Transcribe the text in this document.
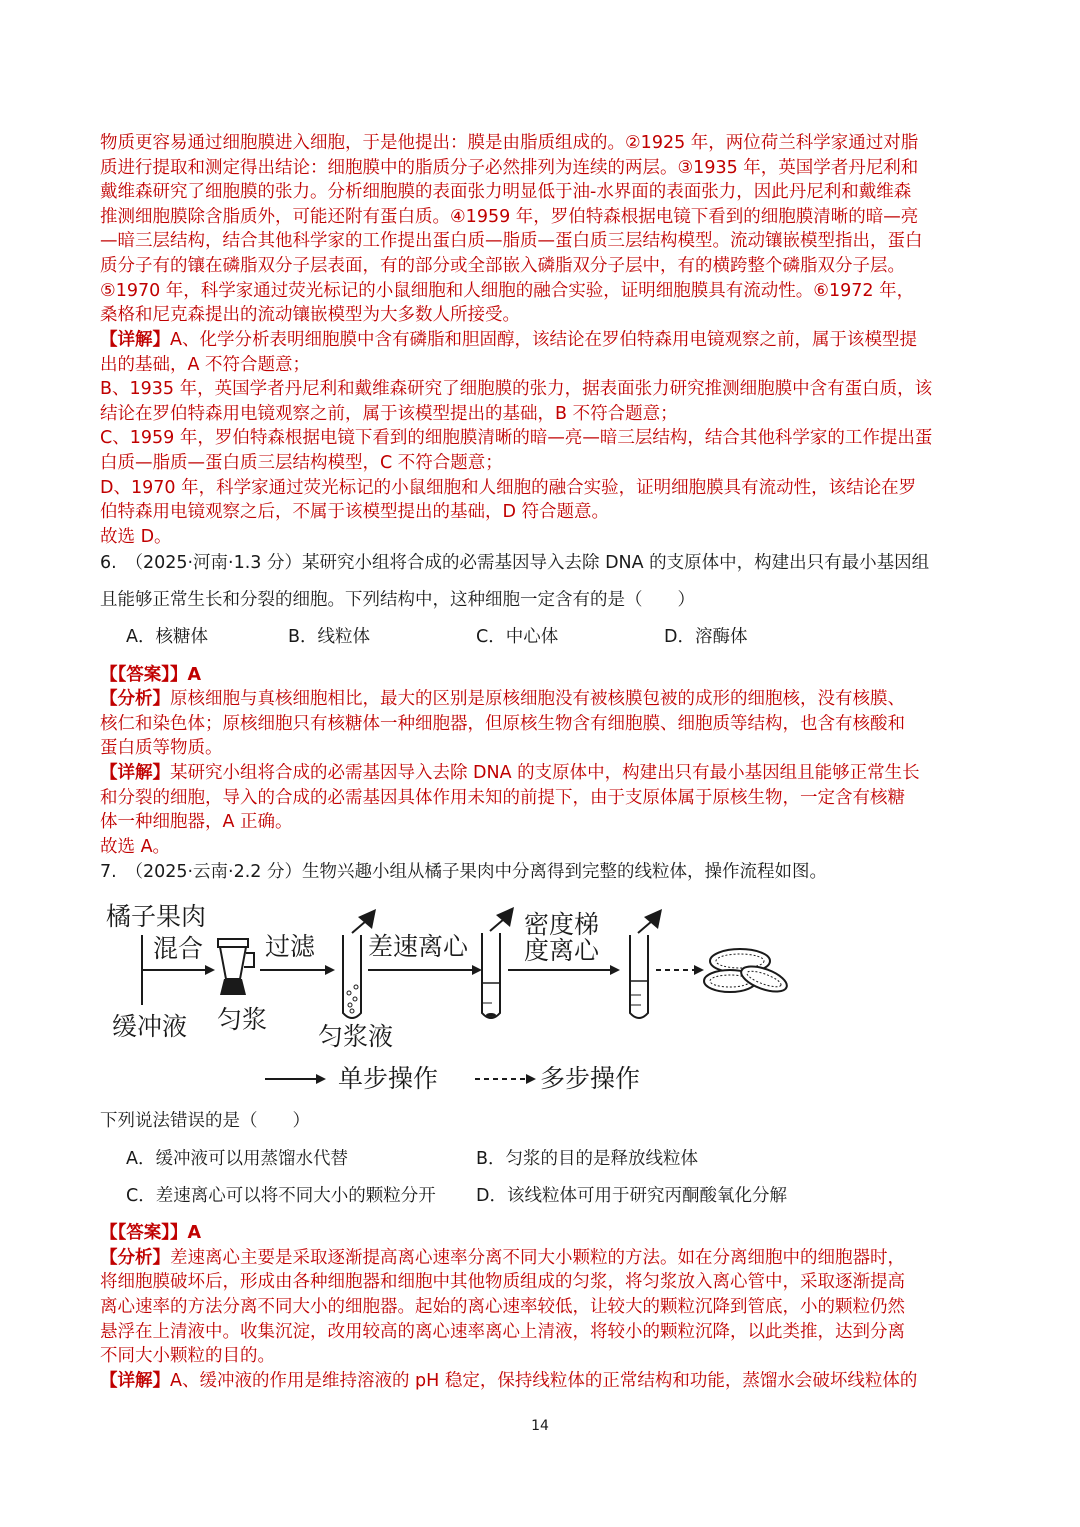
物质更容易通过细胞膜进入细胞，于是他提出：膜是由脂质组成的。②1925 年，两位荷兰科学家通过对脂
质进行提取和测定得出结论：细胞膜中的脂质分子必然排列为连续的两层。③1935 年，英国学者丹尼利和
戴维森研究了细胞膜的张力。分析细胞膜的表面张力明显低于油-水界面的表面张力，因此丹尼利和戴维森
推测细胞膜除含脂质外，可能还附有蛋白质。④1959 年，罗伯特森根据电镜下看到的细胞膜清晰的暗—亮
—暗三层结构，结合其他科学家的工作提出蛋白质—脂质—蛋白质三层结构模型。流动镶嵌模型指出，蛋白
质分子有的镶在磷脂双分子层表面，有的部分或全部嵌入磷脂双分子层中，有的横跨整个磷脂双分子层。
⑤1970 年，科学家通过荧光标记的小鼠细胞和人细胞的融合实验，证明细胞膜具有流动性。⑥1972 年，
桑格和尼克森提出的流动镶嵌模型为大多数人所接受。
【详解】A、化学分析表明细胞膜中含有磷脂和胆固醇，该结论在罗伯特森用电镜观察之前，属于该模型提
出的基础，A 不符合题意；
B、1935 年，英国学者丹尼利和戴维森研究了细胞膜的张力，据表面张力研究推测细胞膜中含有蛋白质，该
结论在罗伯特森用电镜观察之前，属于该模型提出的基础，B 不符合题意；
C、1959 年，罗伯特森根据电镜下看到的细胞膜清晰的暗—亮—暗三层结构，结合其他科学家的工作提出蛋
白质—脂质—蛋白质三层结构模型，C 不符合题意；
D、1970 年，科学家通过荧光标记的小鼠细胞和人细胞的融合实验，证明细胞膜具有流动性，该结论在罗
伯特森用电镜观察之后，不属于该模型提出的基础，D 符合题意。
故选 D。
6.　（2025·河南·1.3 分）某研究小组将合成的必需基因导入去除 DNA 的支原体中，构建出只有最小基因组
且能够正常生长和分裂的细胞。下列结构中，这种细胞一定含有的是（　　）
A．核糖体	B．线粒体	C．中心体	D．溶酶体
【【答案】】A
【分析】原核细胞与真核细胞相比，最大的区别是原核细胞没有被核膜包被的成形的细胞核，没有核膜、
核仁和染色体；原核细胞只有核糖体一种细胞器，但原核生物含有细胞膜、细胞质等结构，也含有核酸和
蛋白质等物质。
【详解】某研究小组将合成的必需基因导入去除 DNA 的支原体中，构建出只有最小基因组且能够正常生长
和分裂的细胞，导入的合成的必需基因具体作用未知的前提下，由于支原体属于原核生物，一定含有核糖
体一种细胞器，A 正确。
故选 A。
7.　（2025·云南·2.2 分）生物兴趣小组从橘子果肉中分离得到完整的线粒体，操作流程如图。
橘子果肉
混合
缓冲液 匀浆
过滤 差速离心
密度梯
度离心
匀浆液
单步操作	多步操作
下列说法错误的是（　　）
A．缓冲液可以用蒸馏水代替	B．匀浆的目的是释放线粒体
C．差速离心可以将不同大小的颗粒分开 D．该线粒体可用于研究丙酮酸氧化分解
【【答案】】A
【分析】差速离心主要是采取逐渐提高离心速率分离不同大小颗粒的方法。如在分离细胞中的细胞器时，
将细胞膜破坏后，形成由各种细胞器和细胞中其他物质组成的匀浆，将匀浆放入离心管中，采取逐渐提高
离心速率的方法分离不同大小的细胞器。起始的离心速率较低，让较大的颗粒沉降到管底，小的颗粒仍然
悬浮在上清液中。收集沉淀，改用较高的离心速率离心上清液，将较小的颗粒沉降，以此类推，达到分离
不同大小颗粒的目的。
【详解】A、缓冲液的作用是维持溶液的 pH 稳定，保持线粒体的正常结构和功能，蒸馏水会破坏线粒体的
14
